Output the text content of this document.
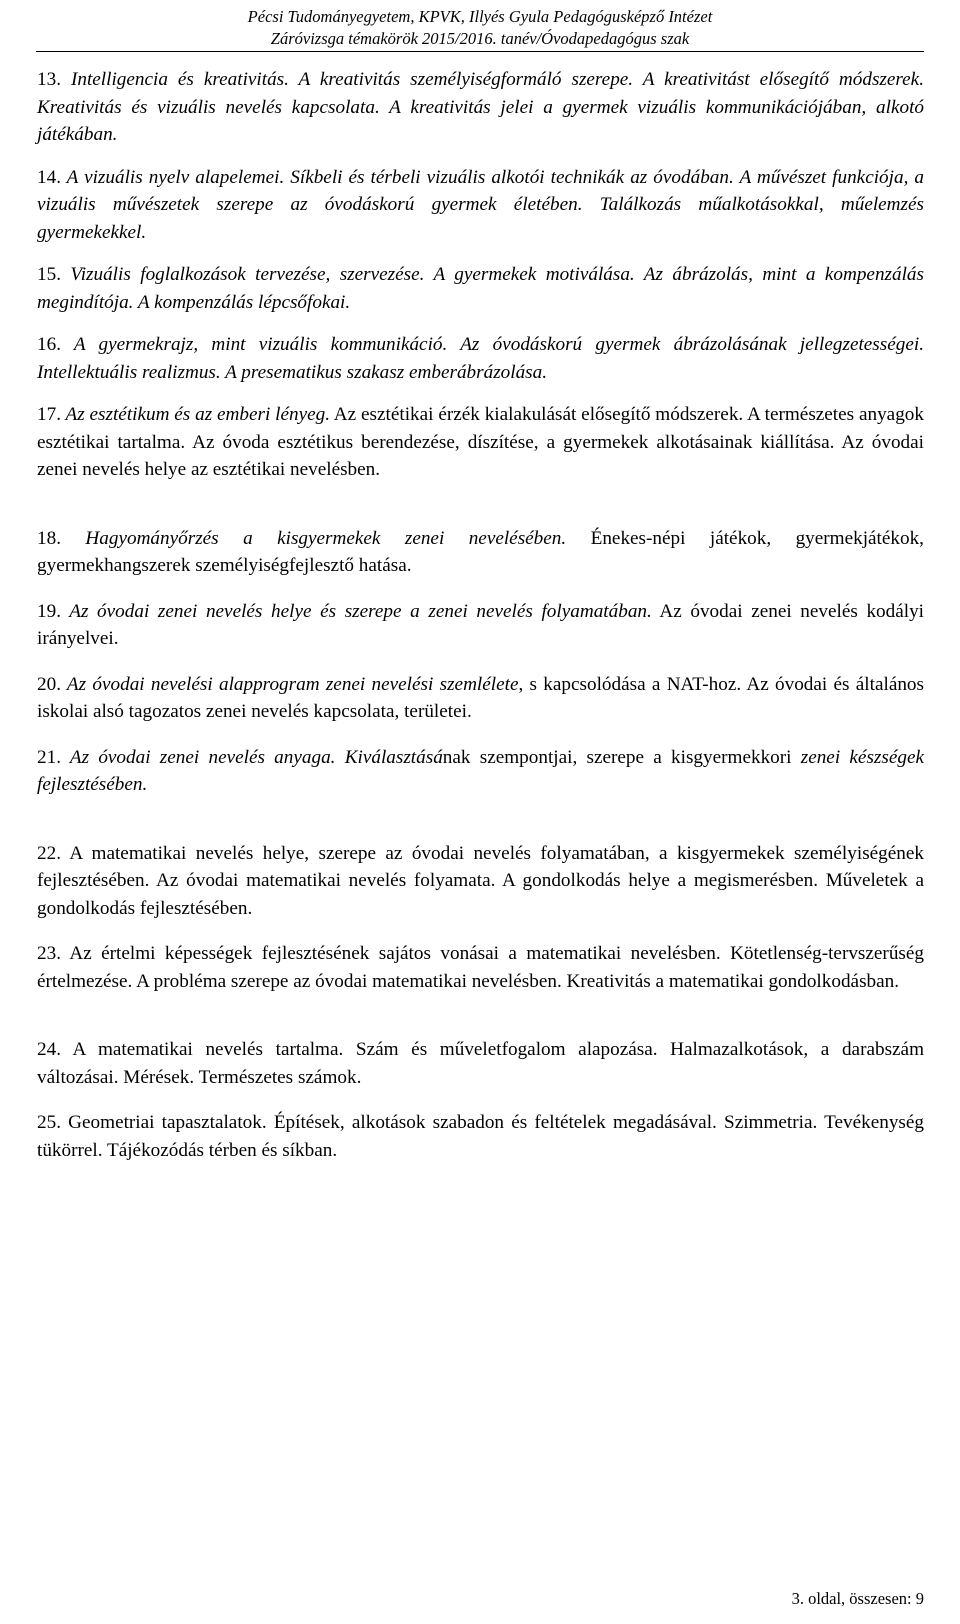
Pécsi Tudományegyetem, KPVK, Illyés Gyula Pedagógusképző Intézet
Záróvizsga témakörök 2015/2016. tanév/Óvodapedagógus szak
13. Intelligencia és kreativitás. A kreativitás személyiségformáló szerepe. A kreativitást elősegítő módszerek. Kreativitás és vizuális nevelés kapcsolata. A kreativitás jelei a gyermek vizuális kommunikációjában, alkotó játékában.
14. A vizuális nyelv alapelemei. Síkbeli és térbeli vizuális alkotói technikák az óvodában. A művészet funkciója, a vizuális művészetek szerepe az óvodáskorú gyermek életében. Találkozás műalkotásokkal, műelemzés gyermekekkel.
15. Vizuális foglalkozások tervezése, szervezése. A gyermekek motiválása. Az ábrázolás, mint a kompenzálás megindítója. A kompenzálás lépcsőfokai.
16. A gyermekrajz, mint vizuális kommunikáció. Az óvodáskorú gyermek ábrázolásának jellegzetességei. Intellektuális realizmus. A presematikus szakasz emberábrázolása.
17. Az esztétikum és az emberi lényeg. Az esztétikai érzék kialakulását elősegítő módszerek. A természetes anyagok esztétikai tartalma. Az óvoda esztétikus berendezése, díszítése, a gyermekek alkotásainak kiállítása. Az óvodai zenei nevelés helye az esztétikai nevelésben.
18. Hagyományőrzés a kisgyermekek zenei nevelésében. Énekes-népi játékok, gyermekjátékok, gyermekhangszerek személyiségfejlesztő hatása.
19. Az óvodai zenei nevelés helye és szerepe a zenei nevelés folyamatában. Az óvodai zenei nevelés kodályi irányelvei.
20. Az óvodai nevelési alapprogram zenei nevelési szemlélete, s kapcsolódása a NAT-hoz. Az óvodai és általános iskolai alsó tagozatos zenei nevelés kapcsolata, területei.
21. Az óvodai zenei nevelés anyaga. Kiválasztásának szempontjai, szerepe a kisgyermekkori zenei készségek fejlesztésében.
22. A matematikai nevelés helye, szerepe az óvodai nevelés folyamatában, a kisgyermekek személyiségének fejlesztésében. Az óvodai matematikai nevelés folyamata. A gondolkodás helye a megismerésben. Műveletek a gondolkodás fejlesztésében.
23. Az értelmi képességek fejlesztésének sajátos vonásai a matematikai nevelésben. Kötetlenség-tervszerűség értelmezése. A probléma szerepe az óvodai matematikai nevelésben. Kreativitás a matematikai gondolkodásban.
24. A matematikai nevelés tartalma. Szám és műveletfogalom alapozása. Halmazalkotások, a darabszám változásai. Mérések. Természetes számok.
25. Geometriai tapasztalatok. Építések, alkotások szabadon és feltételek megadásával. Szimmetria. Tevékenység tükörrel. Tájékozódás térben és síkban.
3. oldal, összesen: 9
